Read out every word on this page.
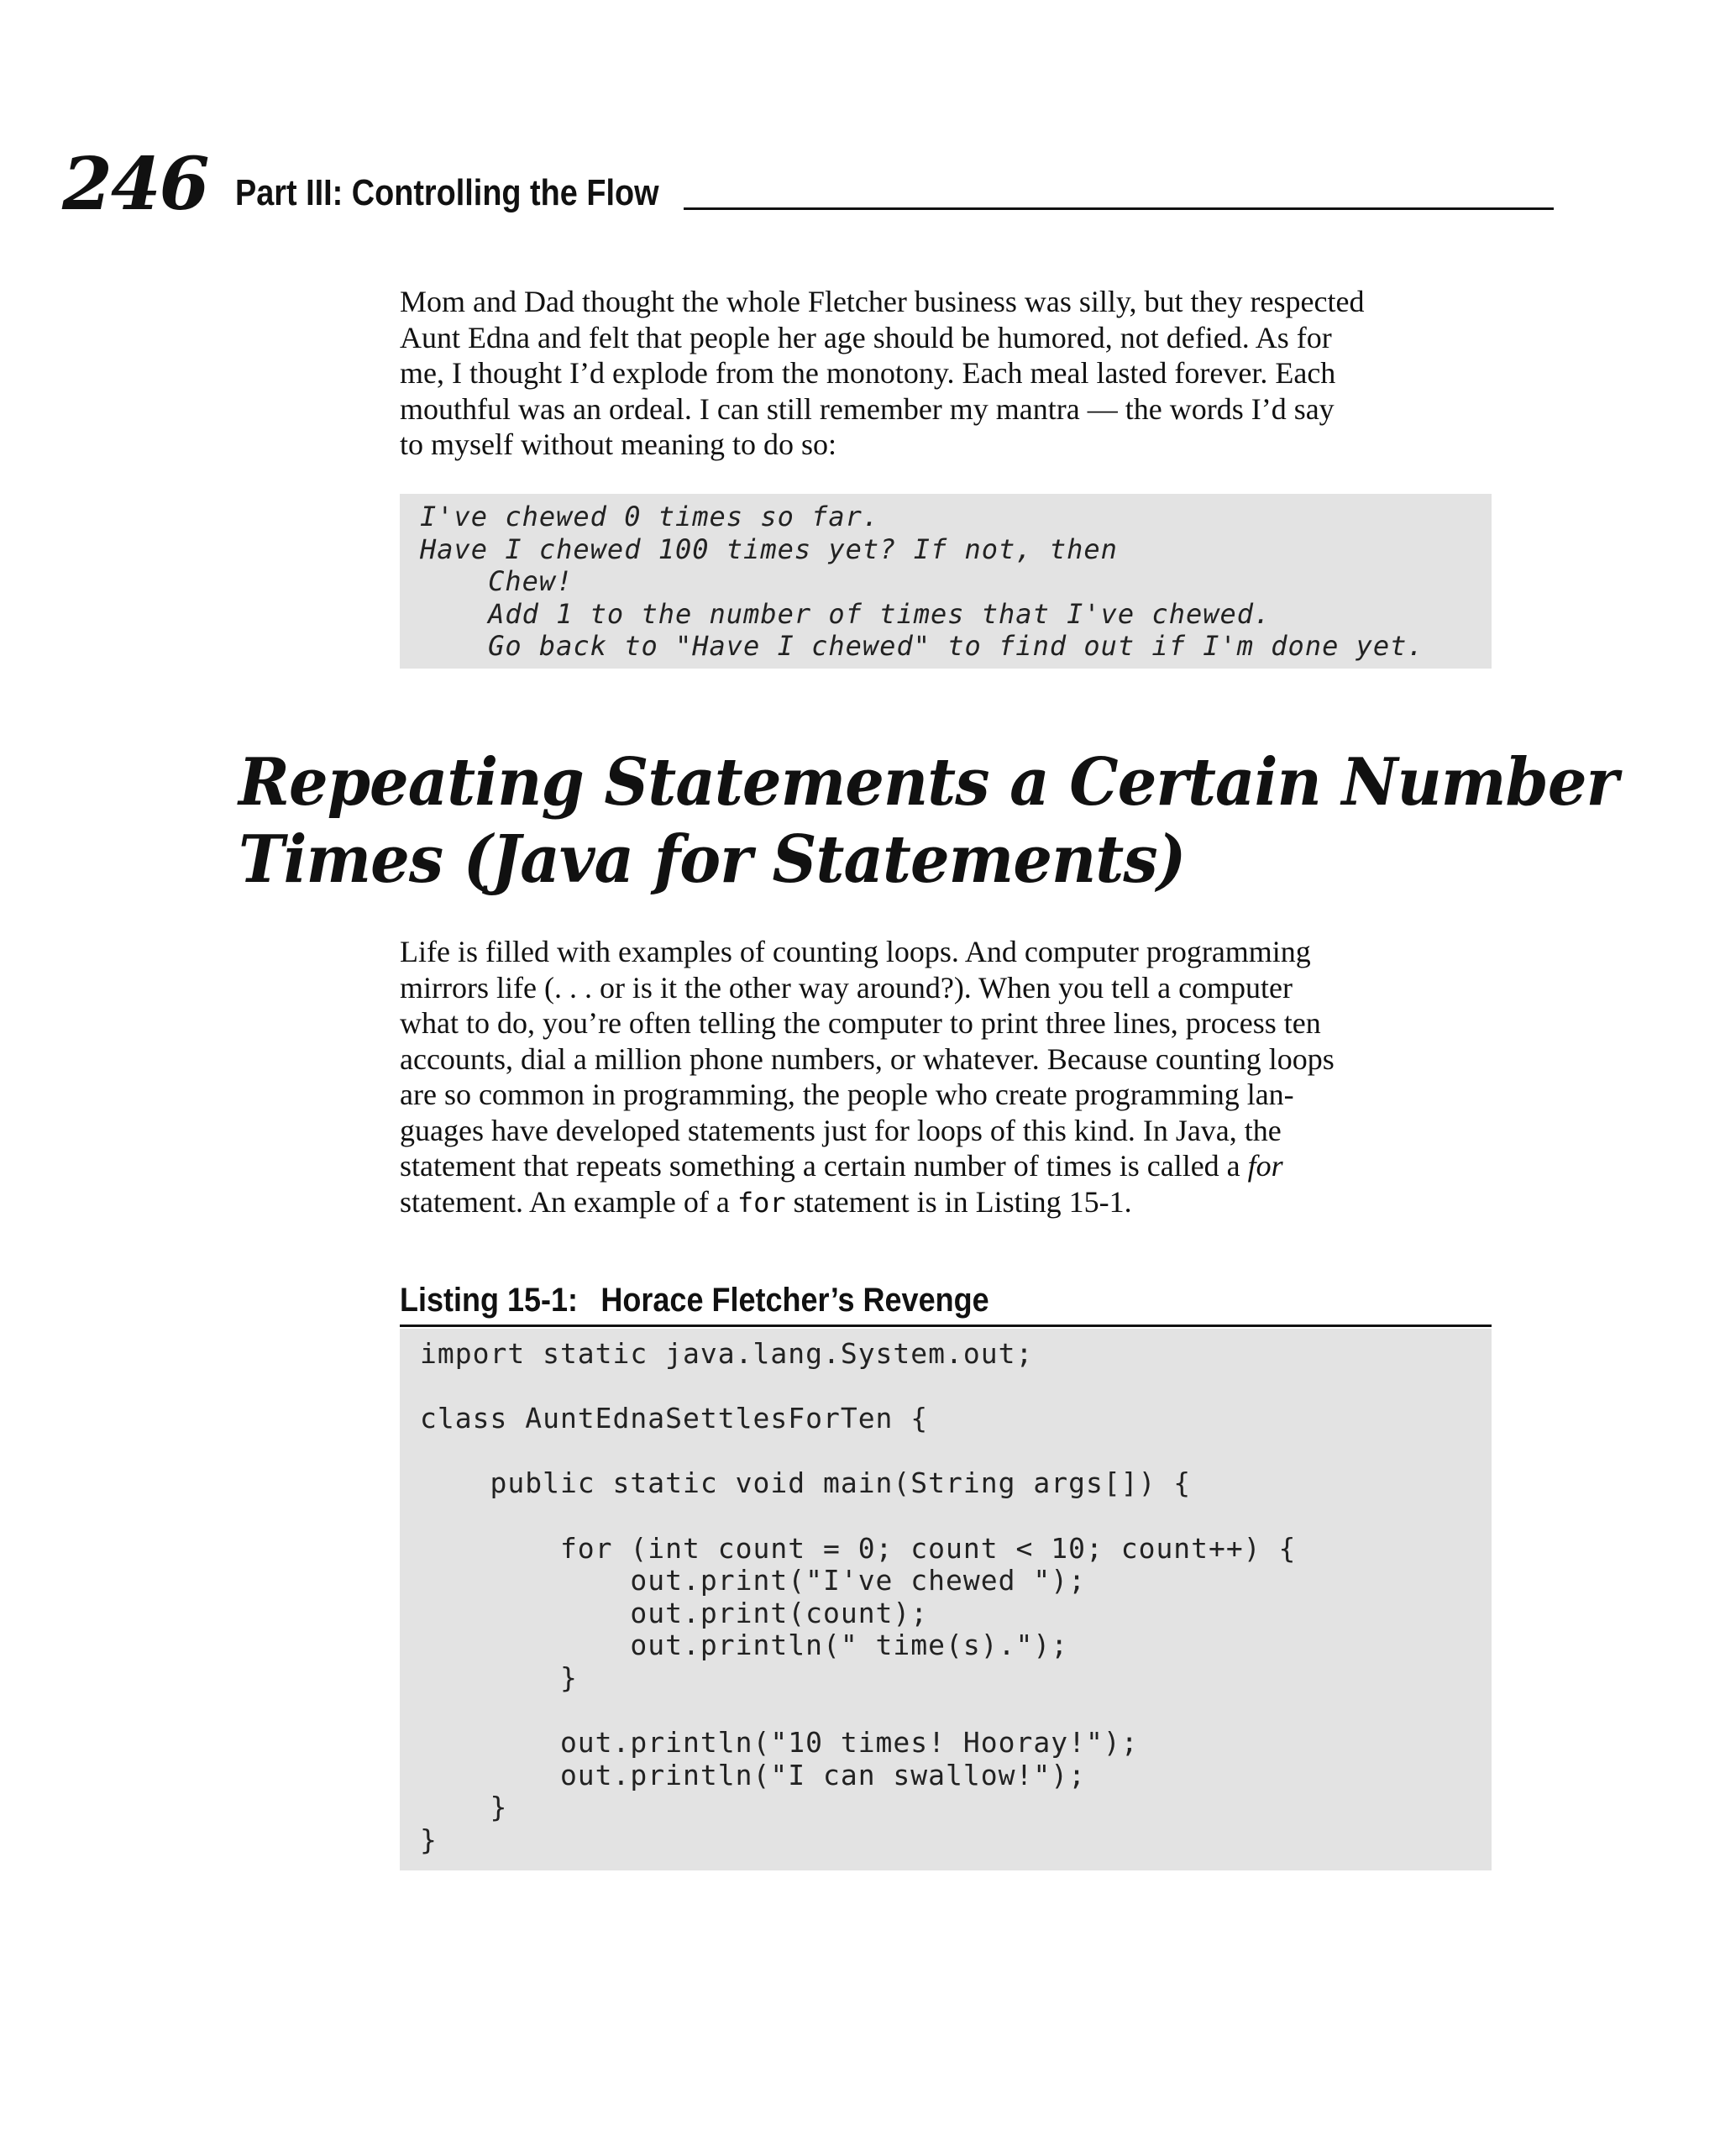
246 Part III: Controlling the Flow

Mom and Dad thought the whole Fletcher business was silly, but they respected
Aunt Edna and felt that people her age should be humored, not defied. As for
me, I thought I’d explode from the monotony. Each meal lasted forever. Each
mouthful was an ordeal. I can still remember my mantra — the words I’d say
to myself without meaning to do so:

I've chewed 0 times so far.
Have I chewed 100 times yet? If not, then
Chew!
Add 1 to the number of times that I've chewed.
Go back to "Have I chewed" to find out if I'm done yet.
Repeating Statements a Certain Number
Times (Java for Statements)

Life is filled with examples of counting loops. And computer programming
mirrors life (. . . or is it the other way around?). When you tell a computer
what to do, you’re often telling the computer to print three lines, process ten
accounts, dial a million phone numbers, or whatever. Because counting loops
are so common in programming, the people who create programming lan-
guages have developed statements just for loops of this kind. In Java, the
statement that repeats something a certain number of times is called a for
statement. An example of a for statement is in Listing 15-1.

Listing 15-1: Horace Fletcher’s Revenge
import static java.lang.System.out;
class AuntEdnaSettlesForTen {
public static void main(String args[]) {
for (int count = 0; count < 10; count++) {
out.print("I've chewed ");
out.print(count);
out.println(" time(s).");
}
out.println("10 times! Hooray!");
out.println("I can swallow!");
}
}
